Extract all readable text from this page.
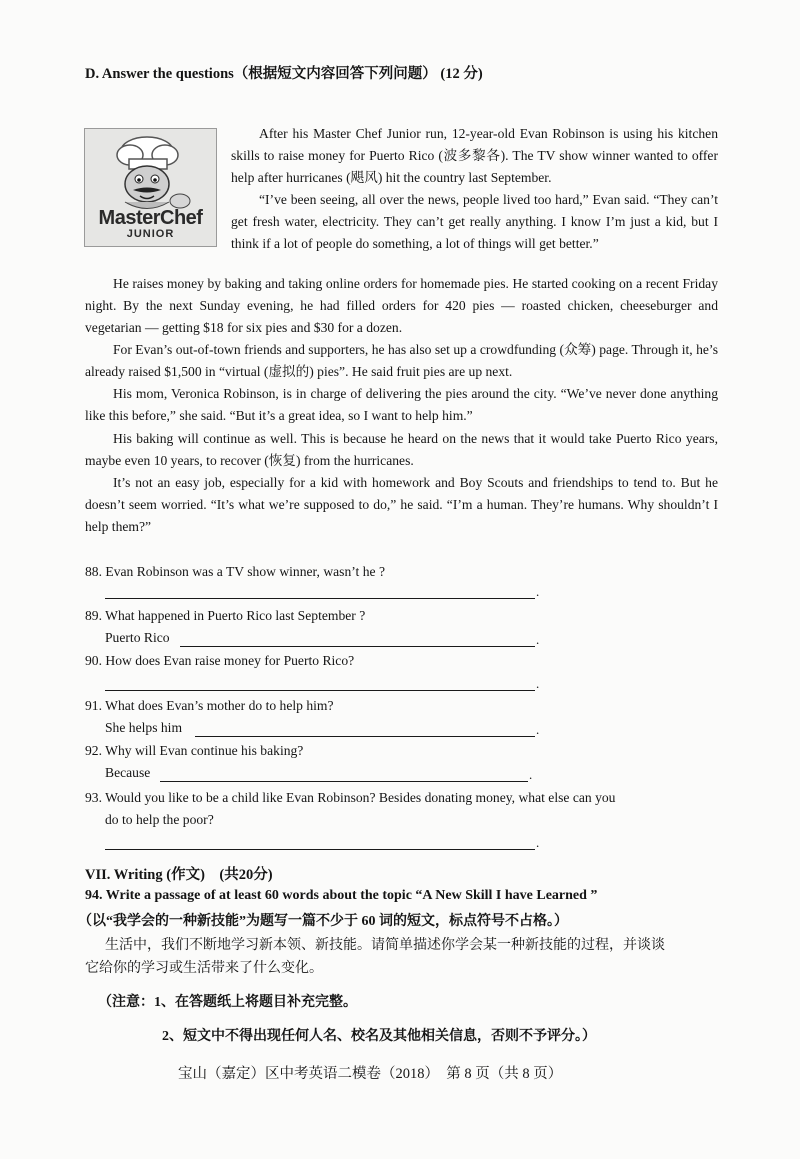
D. Answer the questions（根据短文内容回答下列问题） (12 分)
MasterChef
JUNIOR

After his Master Chef Junior run, 12-year-old Evan Robinson is using his kitchen skills to raise money for Puerto Rico (波多黎各). The TV show winner wanted to offer help after hurricanes (飓风) hit the country last September.

“I’ve been seeing, all over the news, people lived too hard,” Evan said. “They can’t get fresh water, electricity. They can’t get really anything. I know I’m just a kid, but I think if a lot of people do something, a lot of things will get better.”

He raises money by baking and taking online orders for homemade pies. He started cooking on a recent Friday night. By the next Sunday evening, he had filled orders for 420 pies — roasted chicken, cheeseburger and vegetarian — getting $18 for six pies and $30 for a dozen.

For Evan’s out-of-town friends and supporters, he has also set up a crowdfunding (众筹) page. Through it, he’s already raised $1,500 in “virtual (虚拟的) pies”. He said fruit pies are up next.

His mom, Veronica Robinson, is in charge of delivering the pies around the city. “We’ve never done anything like this before,” she said. “But it’s a great idea, so I want to help him.”

His baking will continue as well. This is because he heard on the news that it would take Puerto Rico years, maybe even 10 years, to recover (恢复) from the hurricanes.

It’s not an easy job, especially for a kid with homework and Boy Scouts and friendships to tend to. But he doesn’t seem worried. “It’s what we’re supposed to do,” he said. “I’m a human. They’re humans. Why shouldn’t I help them?”

88. Evan Robinson was a TV show winner, wasn’t he ?
.
89. What happened in Puerto Rico last September ?
Puerto Rico	.
90. How does Evan raise money for Puerto Rico?
.
91. What does Evan’s mother do to help him?
She helps him	.
92. Why will Evan continue his baking?
Because	.
93. Would you like to be a child like Evan Robinson? Besides donating money, what else can you
do to help the poor?
.
VII. Writing (作文)　(共20分)
94. Write a passage of at least 60 words about the topic “A New Skill I have Learned ”
（以“我学会的一种新技能”为题写一篇不少于 60 词的短文，标点符号不占格。）
生活中，我们不断地学习新本领、新技能。请简单描述你学会某一种新技能的过程，并谈谈
它给你的学习或生活带来了什么变化。
（注意：1、在答题纸上将题目补充完整。
2、短文中不得出现任何人名、校名及其他相关信息，否则不予评分。）
宝山（嘉定）区中考英语二模卷（2018）　第 8 页（共 8 页）
